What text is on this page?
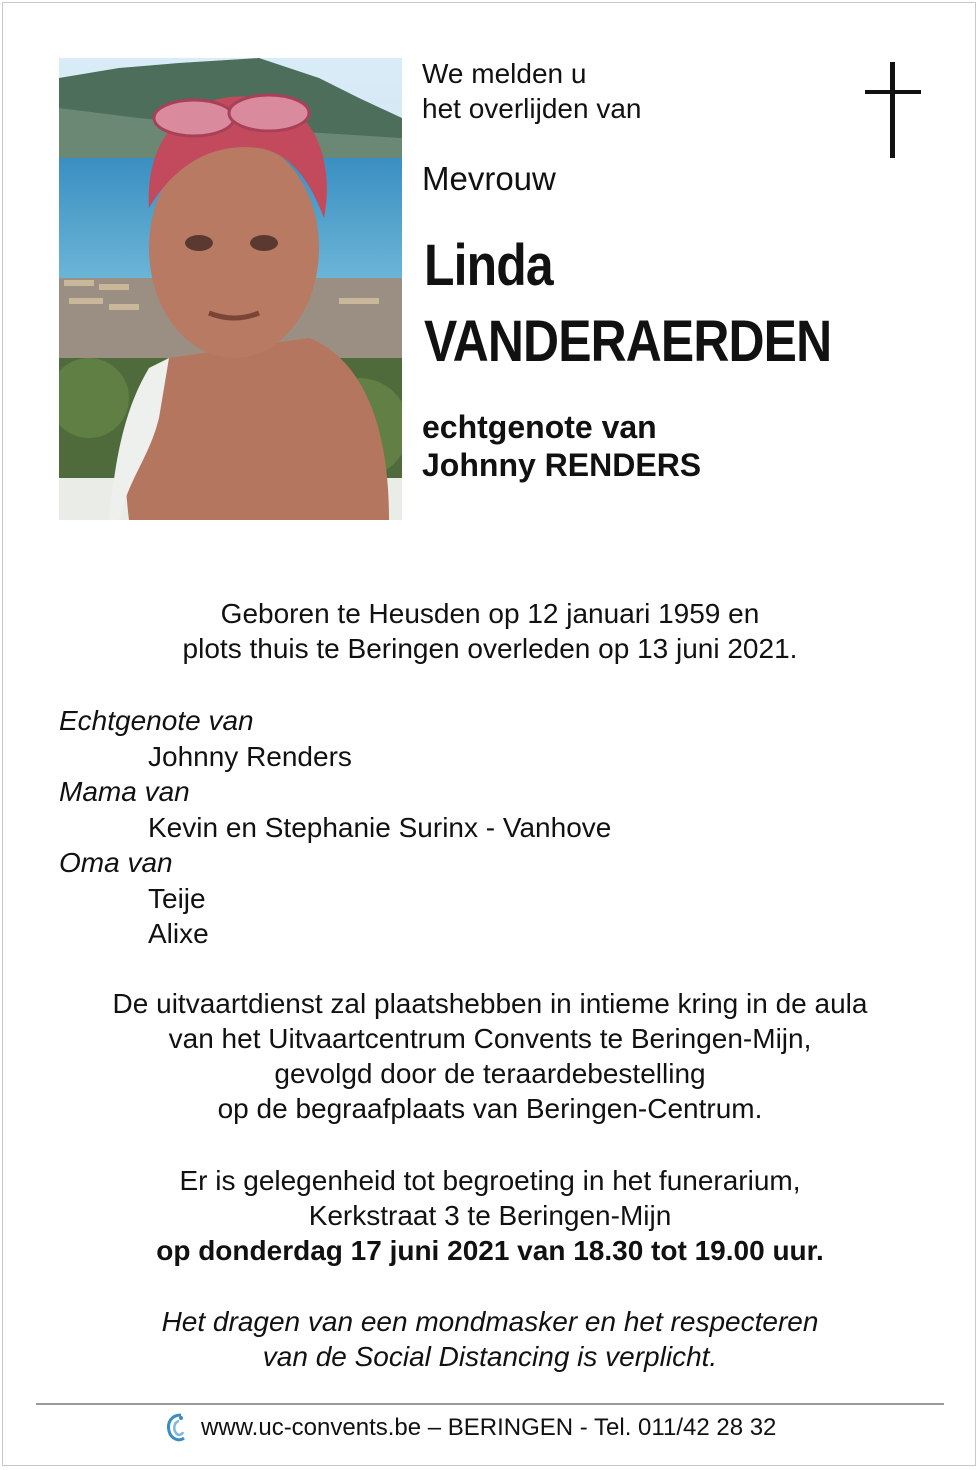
We melden u
het overlijden van
Mevrouw
Linda
VANDERAERDEN
echtgenote van
Johnny RENDERS
Geboren te Heusden op 12 januari 1959 en
plots thuis te Beringen overleden op 13 juni 2021.
Echtgenote van
Johnny Renders
Mama van
Kevin en Stephanie Surinx - Vanhove
Oma van
Teije
Alixe
De uitvaartdienst zal plaatshebben in intieme kring in de aula
van het Uitvaartcentrum Convents te Beringen-Mijn,
gevolgd door de teraardebestelling
op de begraafplaats van Beringen-Centrum.
Er is gelegenheid tot begroeting in het funerarium,
Kerkstraat 3 te Beringen-Mijn
op donderdag 17 juni 2021 van 18.30 tot 19.00 uur.
Het dragen van een mondmasker en het respecteren
van de Social Distancing is verplicht.
www.uc-convents.be – BERINGEN - Tel. 011/42 28 32
